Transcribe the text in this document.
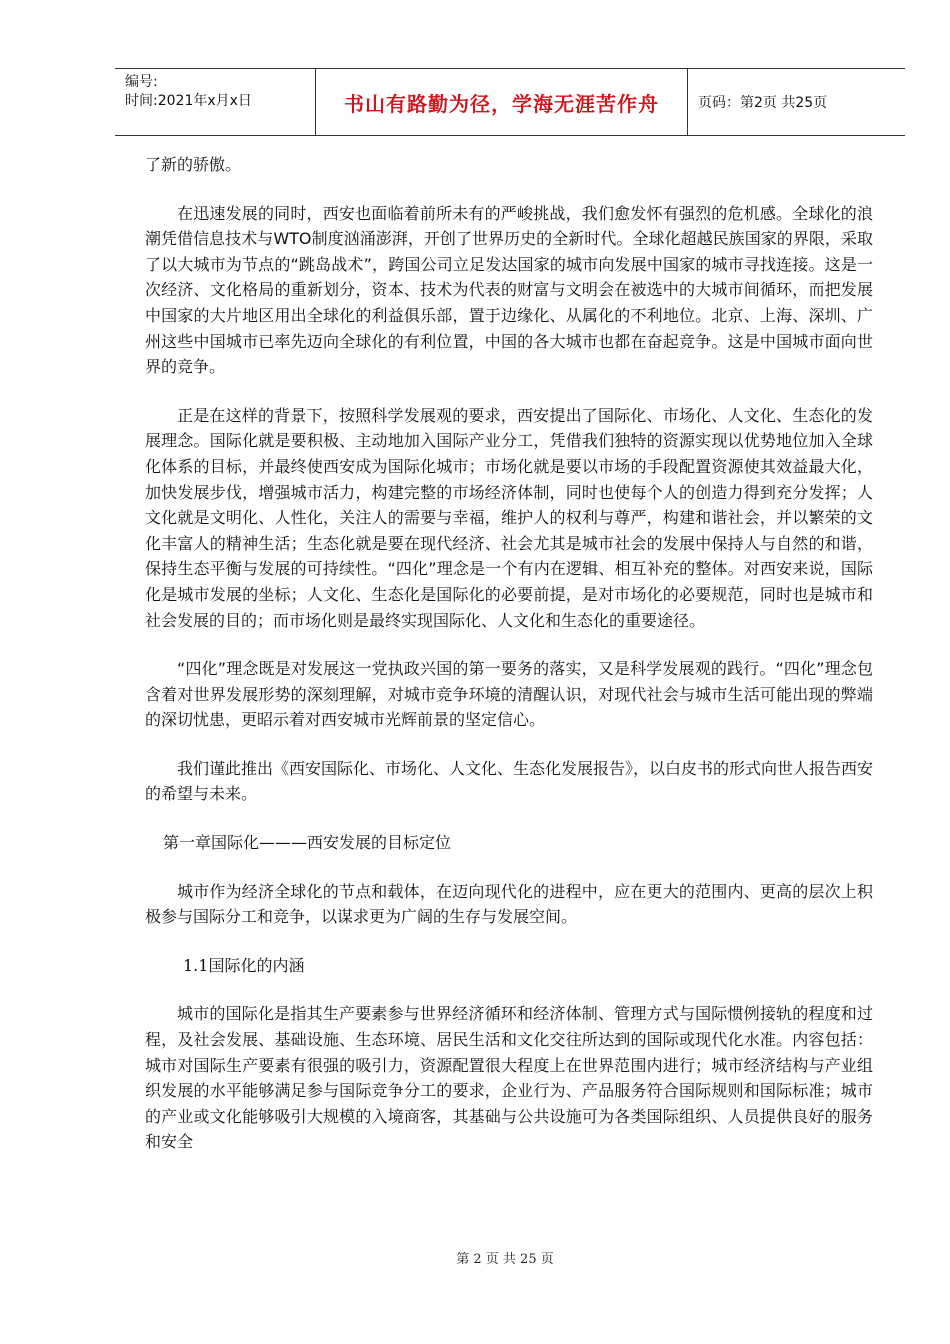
编号:
时间:2021年x月x日	书山有路勤为径，学海无涯苦作舟	页码：第2页 共25页

了新的骄傲。

在迅速发展的同时，西安也面临着前所未有的严峻挑战，我们愈发怀有强烈的危机感。全球化的浪潮凭借信息技术与WTO制度汹涌澎湃，开创了世界历史的全新时代。全球化超越民族国家的界限，采取了以大城市为节点的“跳岛战术”，跨国公司立足发达国家的城市向发展中国家的城市寻找连接。这是一次经济、文化格局的重新划分，资本、技术为代表的财富与文明会在被选中的大城市间循环，而把发展中国家的大片地区用出全球化的利益俱乐部，置于边缘化、从属化的不利地位。北京、上海、深圳、广州这些中国城市已率先迈向全球化的有利位置，中国的各大城市也都在奋起竞争。这是中国城市面向世界的竞争。

正是在这样的背景下，按照科学发展观的要求，西安提出了国际化、市场化、人文化、生态化的发展理念。国际化就是要积极、主动地加入国际产业分工，凭借我们独特的资源实现以优势地位加入全球化体系的目标，并最终使西安成为国际化城市；市场化就是要以市场的手段配置资源使其效益最大化，加快发展步伐，增强城市活力，构建完整的市场经济体制，同时也使每个人的创造力得到充分发挥；人文化就是文明化、人性化，关注人的需要与幸福，维护人的权利与尊严，构建和谐社会，并以繁荣的文化丰富人的精神生活；生态化就是要在现代经济、社会尤其是城市社会的发展中保持人与自然的和谐，保持生态平衡与发展的可持续性。“四化”理念是一个有内在逻辑、相互补充的整体。对西安来说，国际化是城市发展的坐标；人文化、生态化是国际化的必要前提，是对市场化的必要规范，同时也是城市和社会发展的目的；而市场化则是最终实现国际化、人文化和生态化的重要途径。

“四化”理念既是对发展这一党执政兴国的第一要务的落实，又是科学发展观的践行。“四化”理念包含着对世界发展形势的深刻理解，对城市竞争环境的清醒认识，对现代社会与城市生活可能出现的弊端的深切忧患，更昭示着对西安城市光辉前景的坚定信心。

我们谨此推出《西安国际化、市场化、人文化、生态化发展报告》，以白皮书的形式向世人报告西安的希望与未来。

第一章国际化———西安发展的目标定位

城市作为经济全球化的节点和载体，在迈向现代化的进程中，应在更大的范围内、更高的层次上积极参与国际分工和竞争，以谋求更为广阔的生存与发展空间。

1.1国际化的内涵

城市的国际化是指其生产要素参与世界经济循环和经济体制、管理方式与国际惯例接轨的程度和过程，及社会发展、基础设施、生态环境、居民生活和文化交往所达到的国际或现代化水准。内容包括：城市对国际生产要素有很强的吸引力，资源配置很大程度上在世界范围内进行；城市经济结构与产业组织发展的水平能够满足参与国际竞争分工的要求，企业行为、产品服务符合国际规则和国际标准；城市的产业或文化能够吸引大规模的入境商客，其基础与公共设施可为各类国际组织、人员提供良好的服务和安全

第 2 页 共 25 页
